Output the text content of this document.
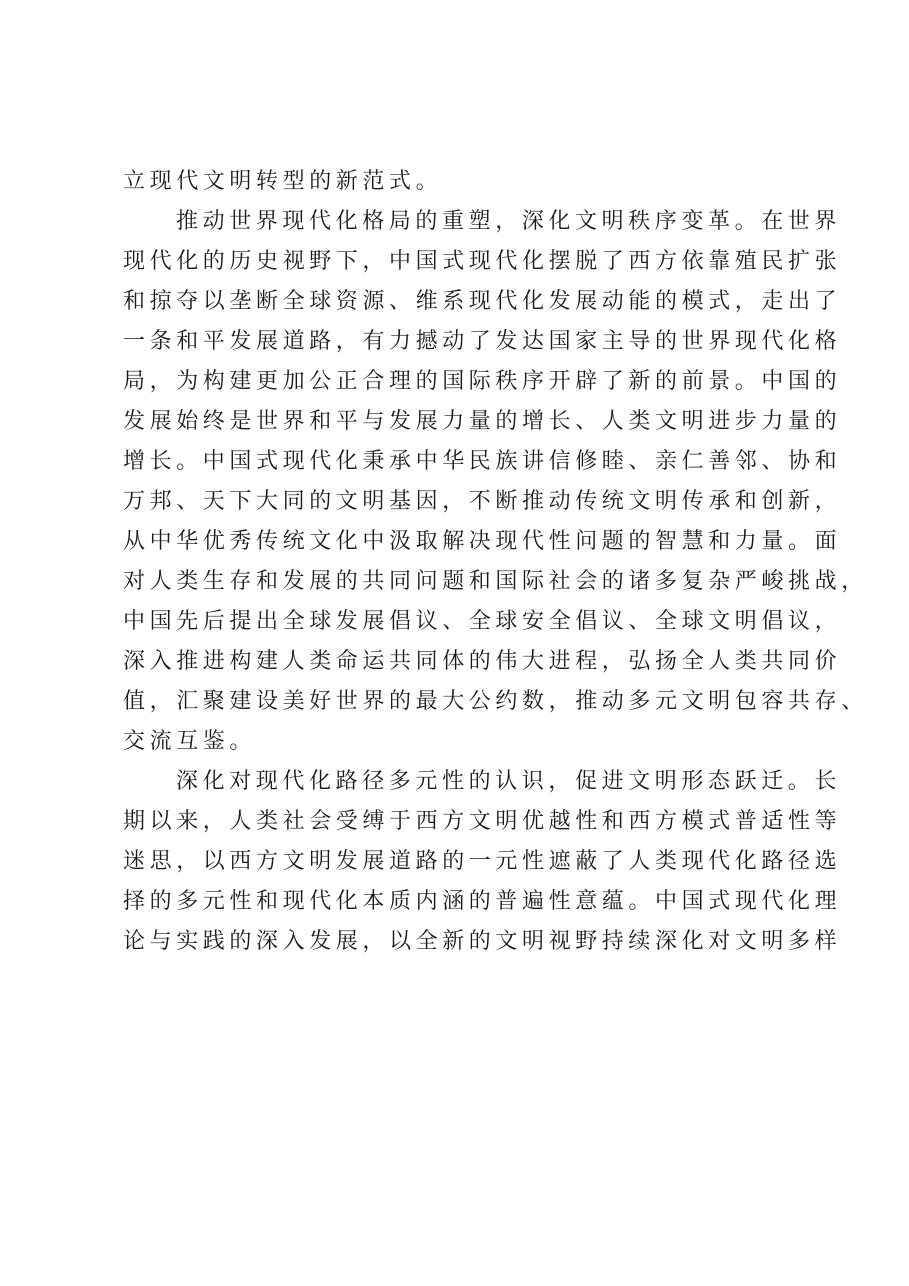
立现代文明转型的新范式。
推动世界现代化格局的重塑，深化文明秩序变革。在世界
现代化的历史视野下，中国式现代化摆脱了西方依靠殖民扩张
和掠夺以垄断全球资源、维系现代化发展动能的模式，走出了
一条和平发展道路，有力撼动了发达国家主导的世界现代化格
局，为构建更加公正合理的国际秩序开辟了新的前景。中国的
发展始终是世界和平与发展力量的增长、人类文明进步力量的
增长。中国式现代化秉承中华民族讲信修睦、亲仁善邻、协和
万邦、天下大同的文明基因，不断推动传统文明传承和创新，
从中华优秀传统文化中汲取解决现代性问题的智慧和力量。面
对人类生存和发展的共同问题和国际社会的诸多复杂严峻挑战，
中国先后提出全球发展倡议、全球安全倡议、全球文明倡议，
深入推进构建人类命运共同体的伟大进程，弘扬全人类共同价
值，汇聚建设美好世界的最大公约数，推动多元文明包容共存、
交流互鉴。
深化对现代化路径多元性的认识，促进文明形态跃迁。长
期以来，人类社会受缚于西方文明优越性和西方模式普适性等
迷思，以西方文明发展道路的一元性遮蔽了人类现代化路径选
择的多元性和现代化本质内涵的普遍性意蕴。中国式现代化理
论与实践的深入发展，以全新的文明视野持续深化对文明多样
